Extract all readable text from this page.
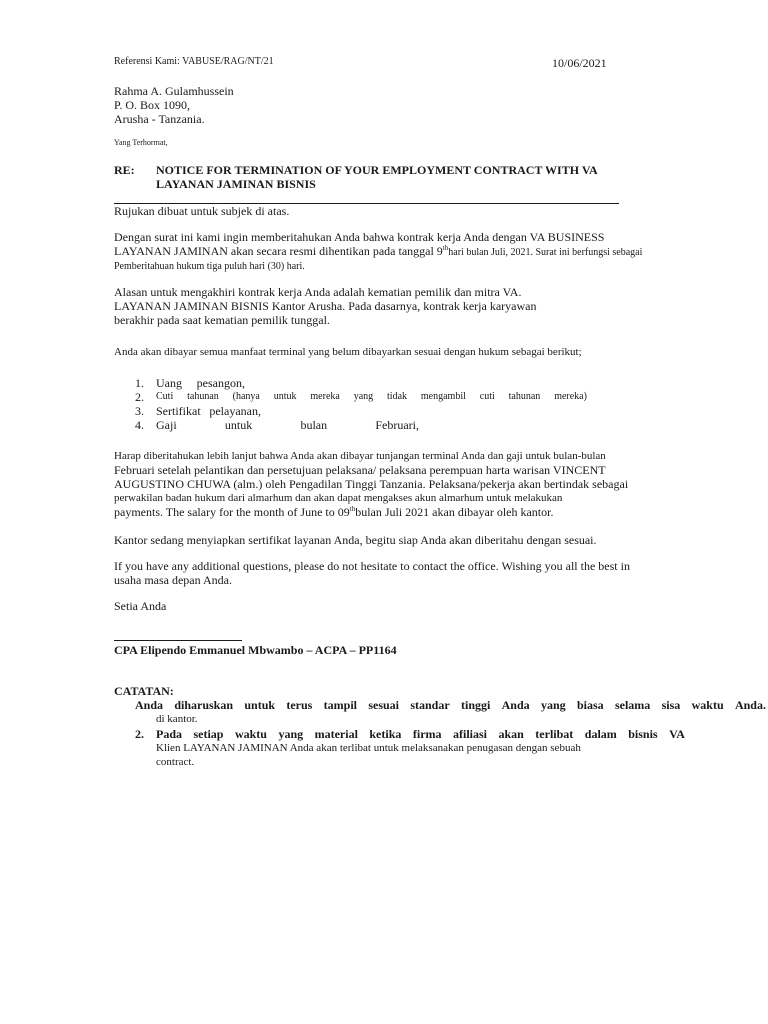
Referensi Kami: VABUSE/RAG/NT/21	10/06/2021
Rahma A. Gulamhussein
P. O. Box 1090,
Arusha - Tanzania.
Yang Terhormat,
RE: NOTICE FOR TERMINATION OF YOUR EMPLOYMENT CONTRACT WITH VA
LAYANAN JAMINAN BISNIS
Rujukan dibuat untuk subjek di atas.
Dengan surat ini kami ingin memberitahukan Anda bahwa kontrak kerja Anda dengan VA BUSINESS
LAYANAN JAMINAN akan secara resmi dihentikan pada tanggal 9thhari bulan Juli, 2021. Surat ini berfungsi sebagai
Pemberitahuan hukum tiga puluh hari (30) hari.
Alasan untuk mengakhiri kontrak kerja Anda adalah kematian pemilik dan mitra VA.
LAYANAN JAMINAN BISNIS Kantor Arusha. Pada dasarnya, kontrak kerja karyawan
berakhir pada saat kematian pemilik tunggal.
Anda akan dibayar semua manfaat terminal yang belum dibayarkan sesuai dengan hukum sebagai berikut;
1.	Uang pesangon,
2.	Cuti tahunan (hanya untuk mereka yang tidak mengambil cuti tahunan mereka)
3.	Sertifikat pelayanan,
4.	Gaji	untuk	bulan	Februari,
Harap diberitahukan lebih lanjut bahwa Anda akan dibayar tunjangan terminal Anda dan gaji untuk bulan-bulan
Februari setelah pelantikan dan persetujuan pelaksana/ pelaksana perempuan harta warisan VINCENT
AUGUSTINO CHUWA (alm.) oleh Pengadilan Tinggi Tanzania. Pelaksana/pekerja akan bertindak sebagai
perwakilan badan hukum dari almarhum dan akan dapat mengakses akun almarhum untuk melakukan
payments. The salary for the month of June to 09thbulan Juli 2021 akan dibayar oleh kantor.
Kantor sedang menyiapkan sertifikat layanan Anda, begitu siap Anda akan diberitahu dengan sesuai.
If you have any additional questions, please do not hesitate to contact the office. Wishing you all the best in
usaha masa depan Anda.
Setia Anda
CPA Elipendo Emmanuel Mbwambo – ACPA – PP1164
CATATAN:
Anda diharuskan untuk terus tampil sesuai standar tinggi Anda yang biasa selama sisa waktu Anda.
di kantor.
2. Pada setiap waktu yang material ketika firma afiliasi akan terlibat dalam bisnis VA
Klien LAYANAN JAMINAN Anda akan terlibat untuk melaksanakan penugasan dengan sebuah
contract.
